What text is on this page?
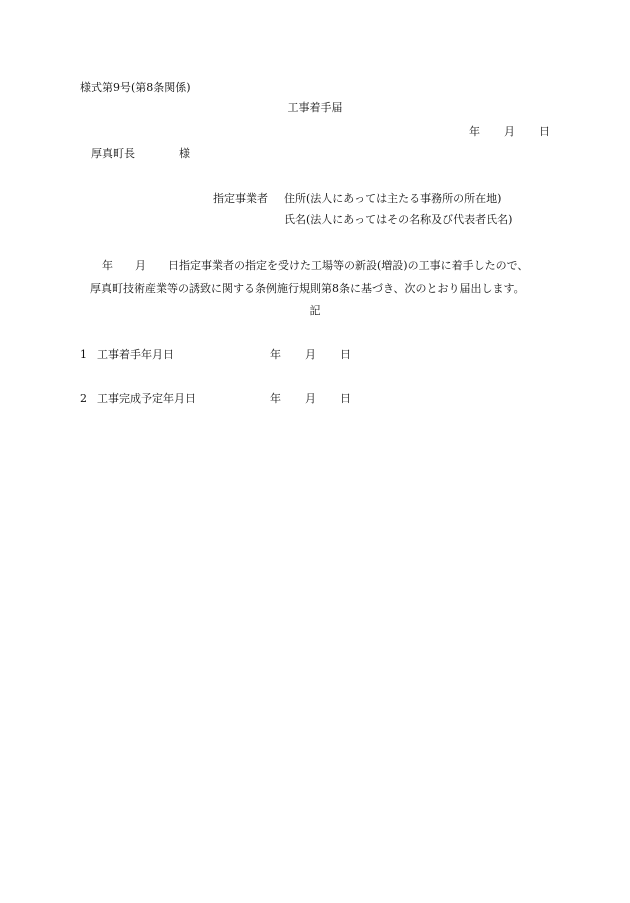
様式第9号(第8条関係)
工事着手届
年 月 日
厚真町長	様
指定事業者 住所(法人にあっては主たる事務所の所在地)
氏名(法人にあってはその名称及び代表者氏名)
年 月 日指定事業者の指定を受けた工場等の新設(増設)の工事に着手したので、
厚真町技術産業等の誘致に関する条例施行規則第8条に基づき、次のとおり届出します。
記
1 工事着手年月日	年 月 日
2 工事完成予定年月日	年 月 日
